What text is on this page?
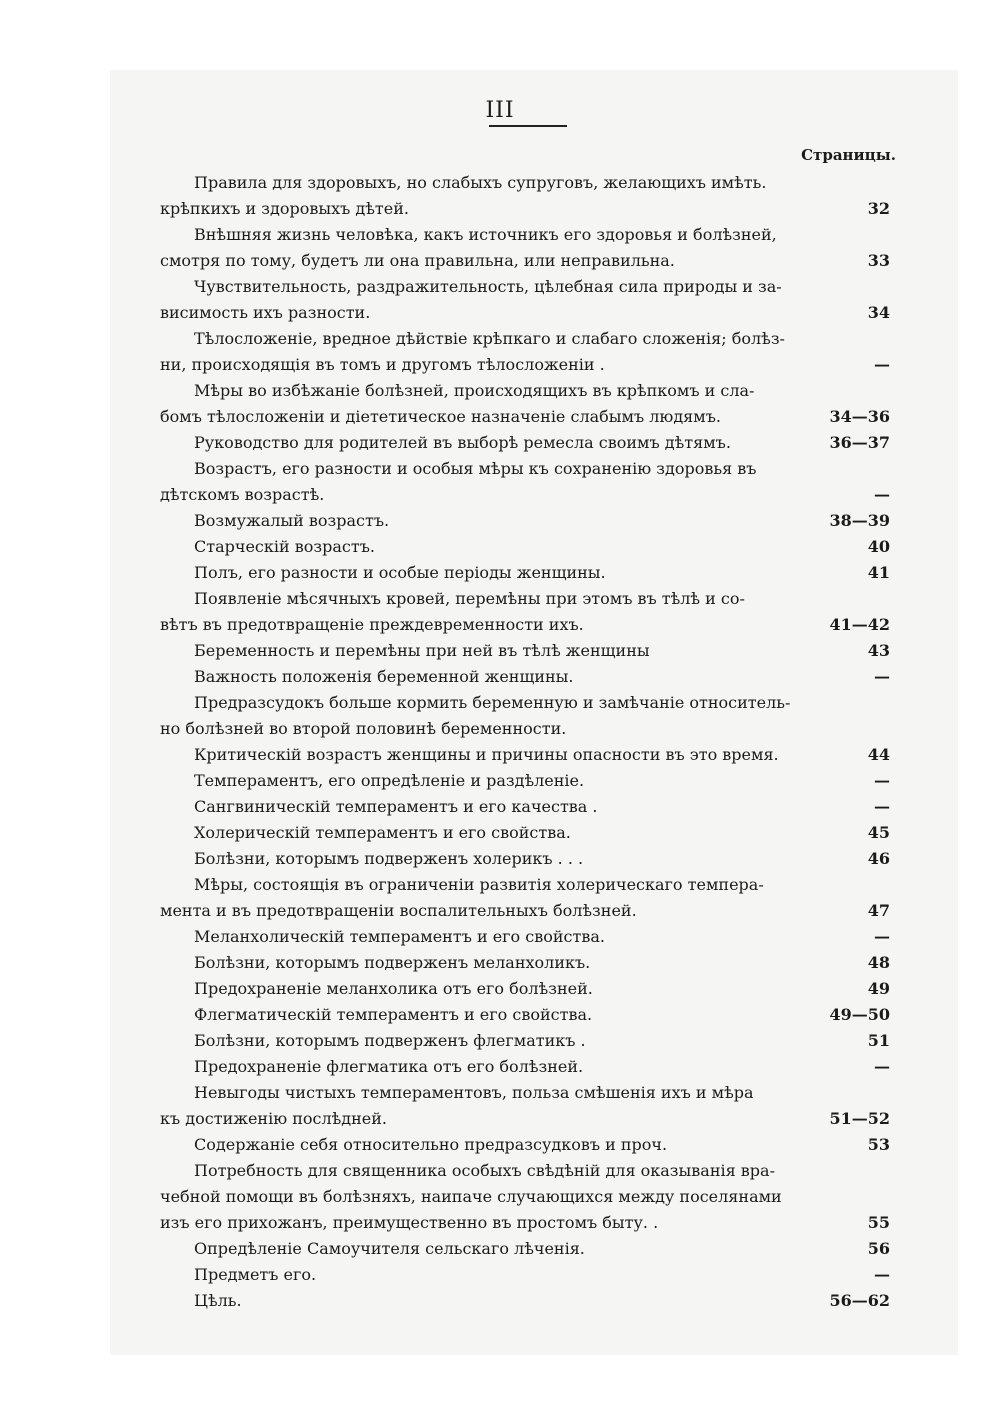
III
Страницы.
Правила для здоровыхъ, но слабыхъ супруговъ, желающихъ имѣть.
крѣпкихъ и здоровыхъ дѣтей.	32
Внѣшняя жизнь человѣка, какъ источникъ его здоровья и болѣзней,
смотря по тому, будетъ ли она правильна, или неправильна.	33
Чувствительность, раздражительность, цѣлебная сила природы и за-
висимость ихъ разности.	34
Тѣлосложеніе, вредное дѣйствіе крѣпкаго и слабаго сложенія; болѣз-
ни, происходящія въ томъ и другомъ тѣлосложеніи .	—
Мѣры во избѣжаніе болѣзней, происходящихъ въ крѣпкомъ и сла-
бомъ тѣлосложеніи и діететическое назначеніе слабымъ людямъ.	34—36
Руководство для родителей въ выборѣ ремесла своимъ дѣтямъ.	36—37
Возрастъ, его разности и особыя мѣры къ сохраненію здоровья въ
дѣтскомъ возрастѣ.	—
Возмужалый возрастъ.	38—39
Старческій возрастъ.	40
Полъ, его разности и особые періоды женщины.	41
Появленіе мѣсячныхъ кровей, перемѣны при этомъ въ тѣлѣ и со-
вѣтъ въ предотвращеніе преждевременности ихъ.	41—42
Беременность и перемѣны при ней въ тѣлѣ женщины	43
Важность положенія беременной женщины.	—
Предразсудокъ больше кормить беременную и замѣчаніе относитель-
но болѣзней во второй половинѣ беременности.
Критическій возрастъ женщины и причины опасности въ это время.	44
Темпераментъ, его опредѣленіе и раздѣленіе.	—
Сангвиническій темпераментъ и его качества .	—
Холерическій темпераментъ и его свойства.	45
Болѣзни, которымъ подверженъ холерикъ . . .	46
Мѣры, состоящія въ ограниченіи развитія холерическаго темпера-
мента и въ предотвращеніи воспалительныхъ болѣзней.	47
Меланхолическій темпераментъ и его свойства.	—
Болѣзни, которымъ подверженъ меланхоликъ.	48
Предохраненіе меланхолика отъ его болѣзней.	49
Флегматическій темпераментъ и его свойства.	49—50
Болѣзни, которымъ подверженъ флегматикъ .	51
Предохраненіе флегматика отъ его болѣзней.	—
Невыгоды чистыхъ темпераментовъ, польза смѣшенія ихъ и мѣра
къ достиженію послѣдней.	51—52
Содержаніе себя относительно предразсудковъ и проч.	53
Потребность для священника особыхъ свѣдѣній для оказыванія вра-
чебной помощи въ болѣзняхъ, наипаче случающихся между поселянами
изъ его прихожанъ, преимущественно въ простомъ быту. .	55
Опредѣленіе Самоучителя сельскаго лѣченія.	56
Предметъ его.	—
Цѣль.	56—62
